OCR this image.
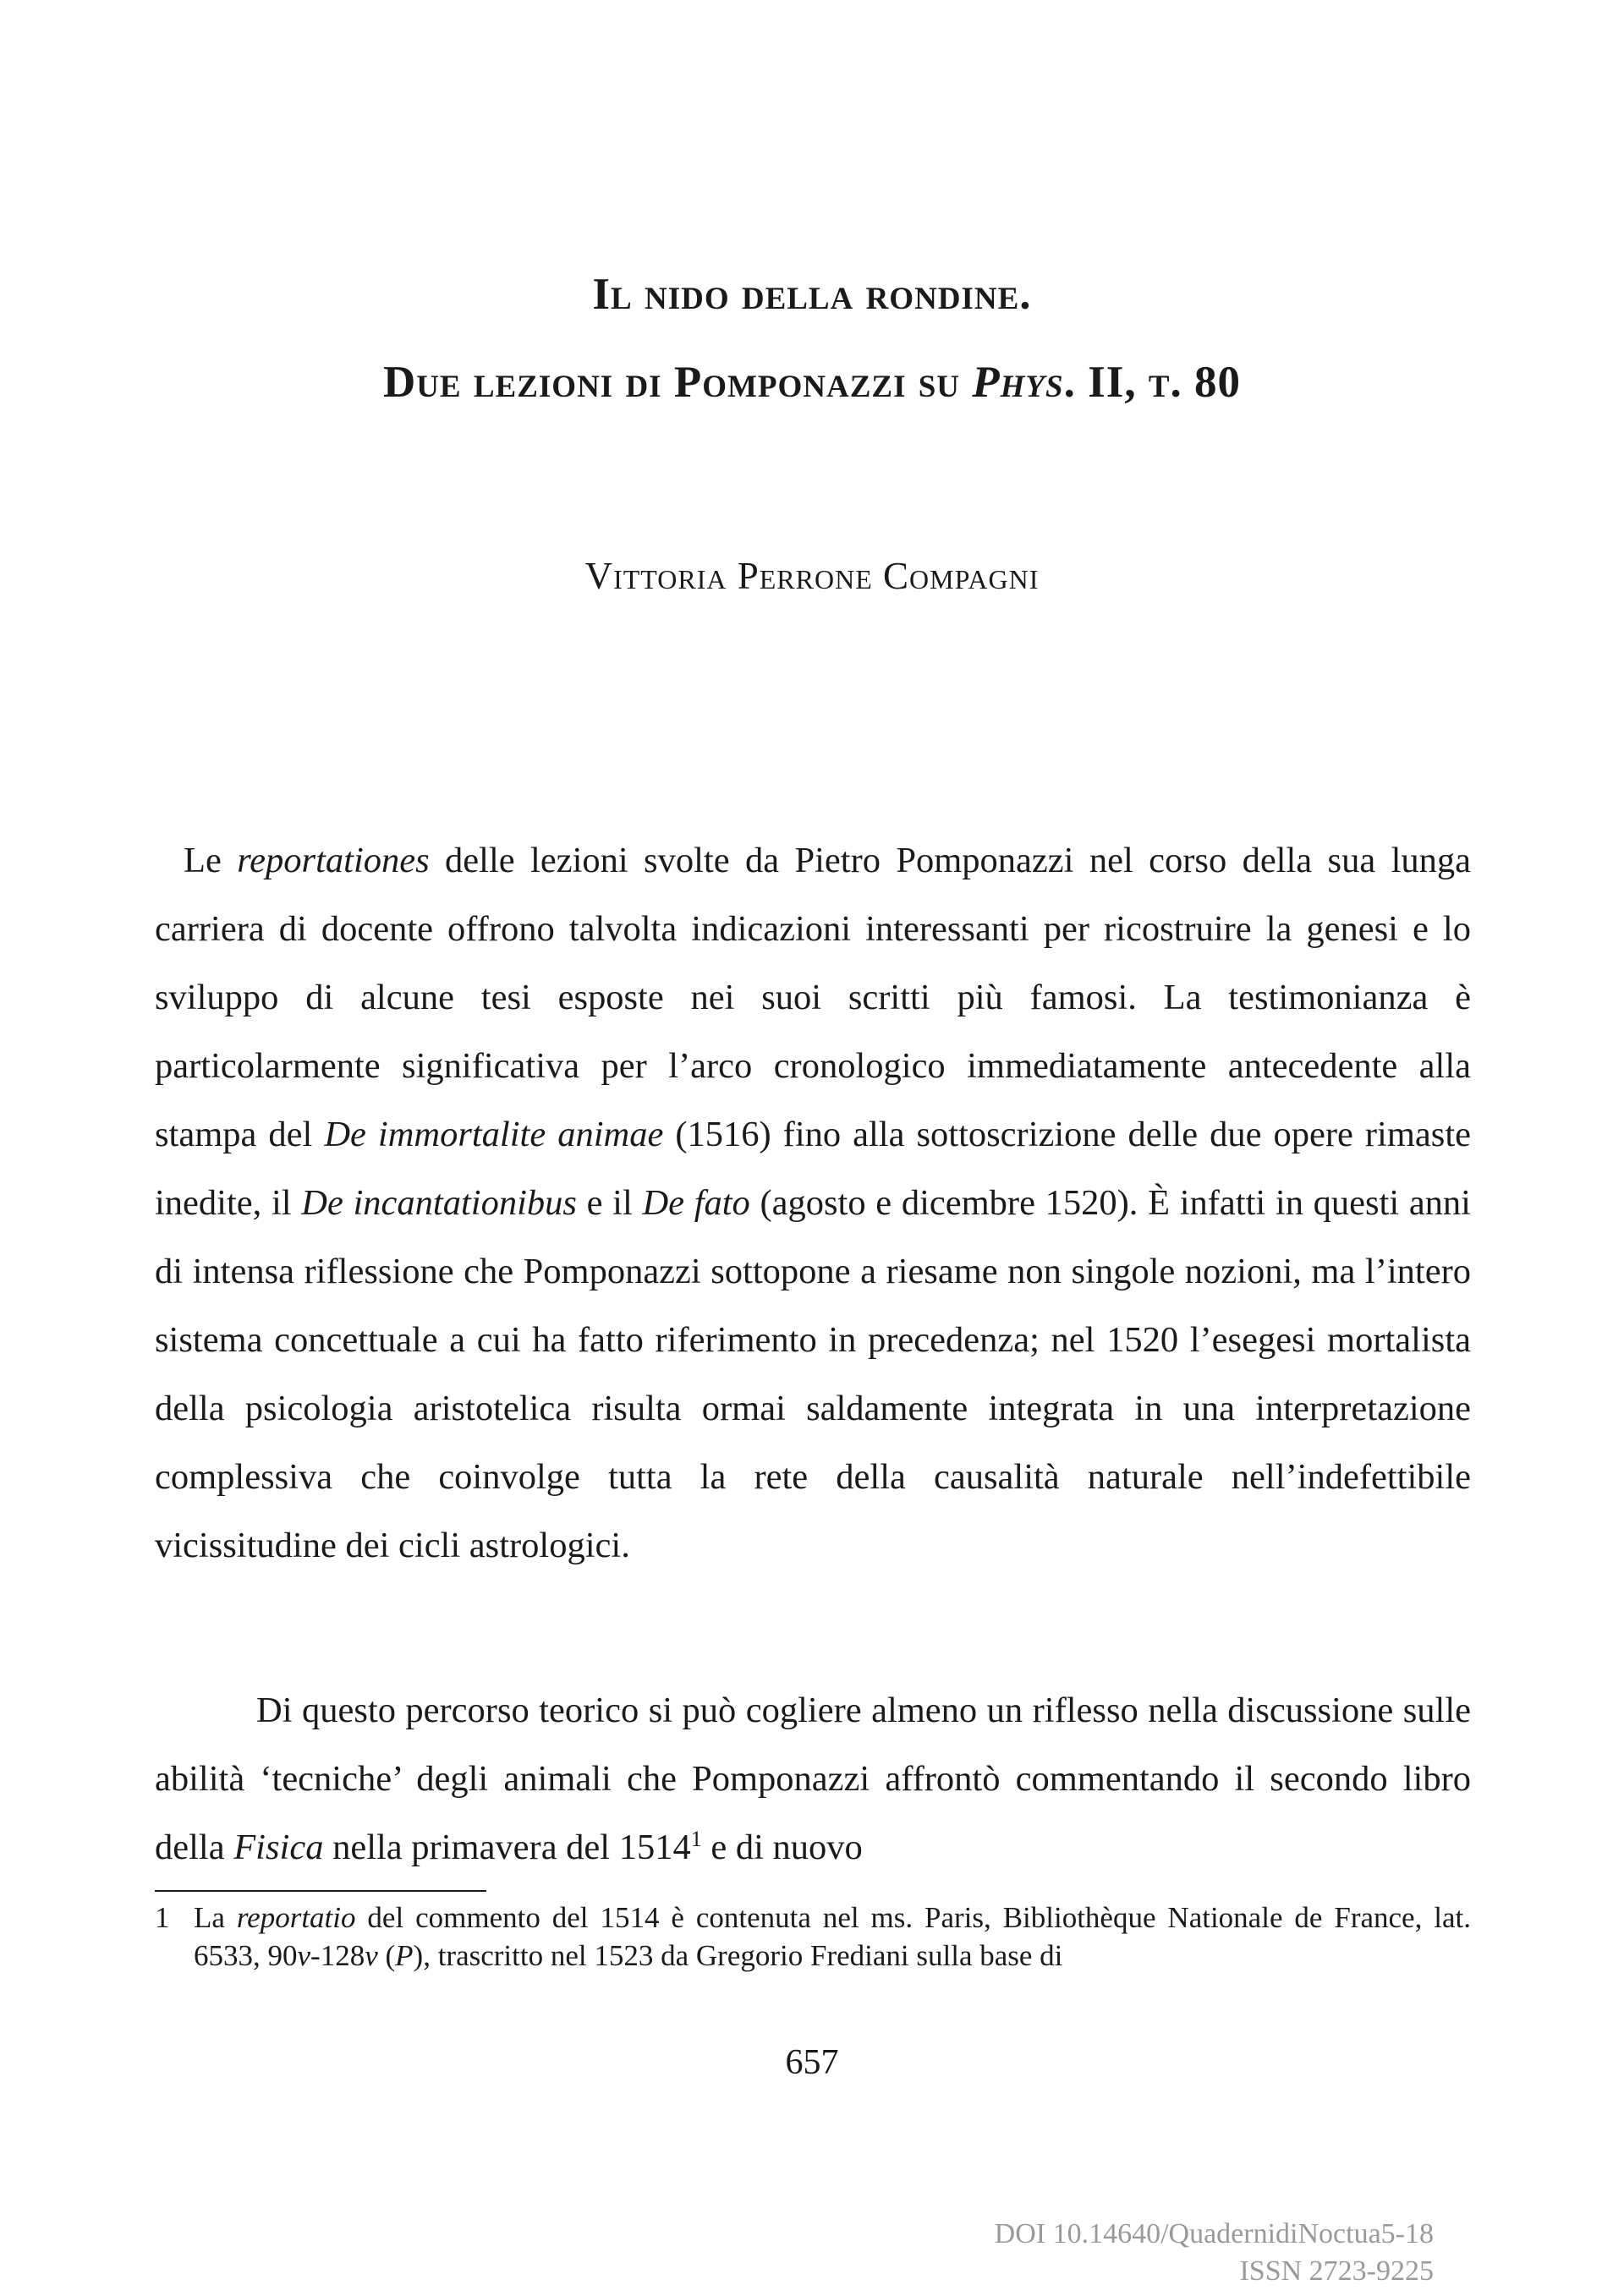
Il nido della rondine.
Due lezioni di Pomponazzi su Phys. II, t. 80
Vittoria Perrone Compagni

Le reportationes delle lezioni svolte da Pietro Pomponazzi nel corso della sua lunga carriera di docente offrono talvolta indicazioni interessanti per ricostruire la genesi e lo sviluppo di alcune tesi esposte nei suoi scritti più famosi. La testimonianza è particolarmente significativa per l’arco cronologico immediatamente antecedente alla stampa del De immortalite animae (1516) fino alla sottoscrizione delle due opere rimaste inedite, il De incantationibus e il De fato (agosto e dicembre 1520). È infatti in questi anni di intensa riflessione che Pomponazzi sottopone a riesame non singole nozioni, ma l’intero sistema concettuale a cui ha fatto riferimento in precedenza; nel 1520 l’esegesi mortalista della psicologia aristotelica risulta ormai saldamente integrata in una interpretazione complessiva che coinvolge tutta la rete della causalità naturale nell’indefettibile vicissitudine dei cicli astrologici.

Di questo percorso teorico si può cogliere almeno un riflesso nella discussione sulle abilità ‘tecniche’ degli animali che Pomponazzi affrontò commentando il secondo libro della Fisica nella primavera del 1514$^1$ e di nuovo

1 La reportatio del commento del 1514 è contenuta nel ms. Paris, Bibliothèque Nationale de France, lat. 6533, 90v-128v (P), trascritto nel 1523 da Gregorio Frediani sulla base di

657
DOI 10.14640/QuadernidiNoctua5-18
ISSN 2723-9225
